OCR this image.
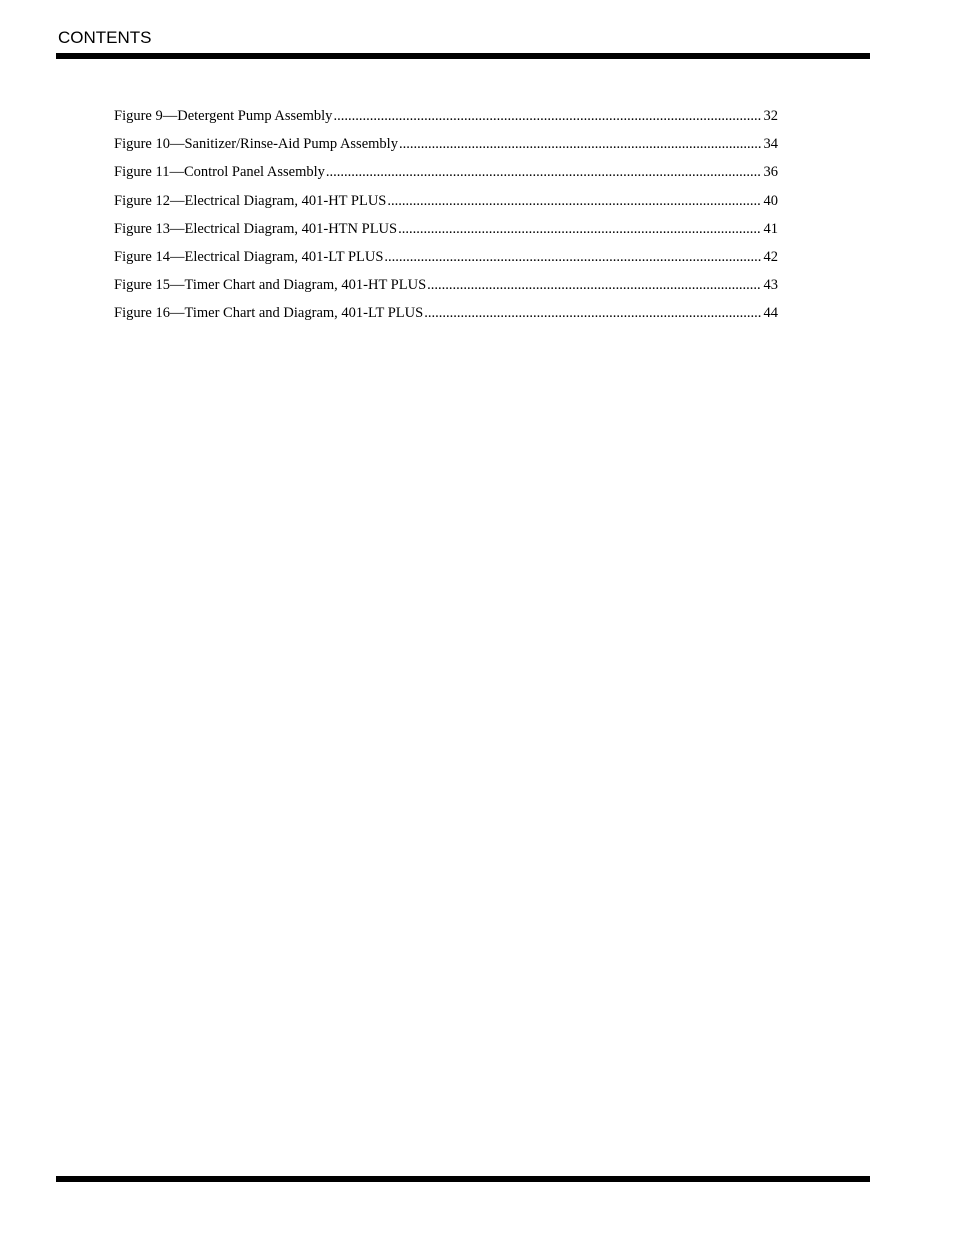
CONTENTS
Figure 9—Detergent Pump Assembly .....	32
Figure 10—Sanitizer/Rinse-Aid Pump Assembly .....	34
Figure 11—Control Panel Assembly .....	36
Figure 12—Electrical Diagram, 401-HT PLUS .....	40
Figure 13—Electrical Diagram, 401-HTN PLUS .....	41
Figure 14—Electrical Diagram, 401-LT PLUS .....	42
Figure 15—Timer Chart and Diagram, 401-HT PLUS .....	43
Figure 16—Timer Chart and Diagram, 401-LT PLUS .....	44
